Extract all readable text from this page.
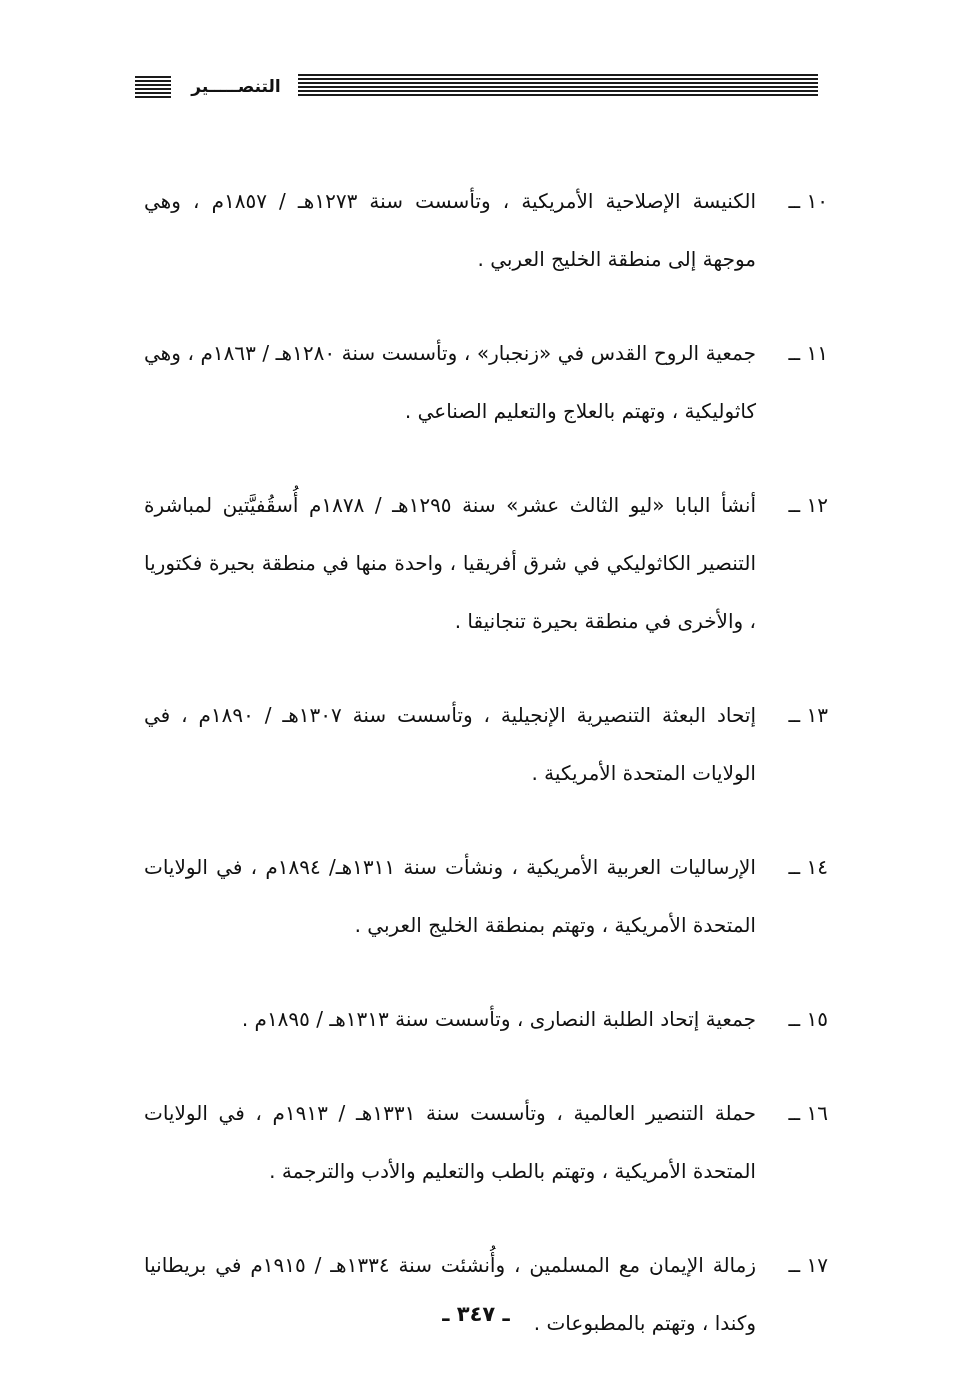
التنصـــــير
١٠ ــ
الكنيسة الإصلاحية الأمريكية ، وتأسست سنة ١٢٧٣هـ / ١٨٥٧م ، وهي موجهة إلى منطقة الخليج العربي .
١١ ــ
جمعية الروح القدس في «زنجبار» ، وتأسست سنة ١٢٨٠هـ / ١٨٦٣م ، وهي كاثوليكية ، وتهتم بالعلاج والتعليم الصناعي .
١٢ ــ
أنشأ البابا «ليو الثالث عشر» سنة ١٢٩٥هـ / ١٨٧٨م أُسقُفيَّتين لمباشرة التنصير الكاثوليكي في شرق أفريقيا ، واحدة منها في منطقة بحيرة فكتوريا ، والأخرى في منطقة بحيرة تنجانيقا .
١٣ ــ
إتحاد البعثة التنصيرية الإنجيلية ، وتأسست سنة ١٣٠٧هـ / ١٨٩٠م ، في الولايات المتحدة الأمريكية .
١٤ ــ
الإرساليات العربية الأمريكية ، ونشأت سنة ١٣١١هـ/ ١٨٩٤م ، في الولايات المتحدة الأمريكية ، وتهتم بمنطقة الخليج العربي .
١٥ ــ
جمعية إتحاد الطلبة النصارى ، وتأسست سنة ١٣١٣هـ / ١٨٩٥م .
١٦ ــ
حملة التنصير العالمية ، وتأسست سنة ١٣٣١هـ / ١٩١٣م ، في الولايات المتحدة الأمريكية ، وتهتم بالطب والتعليم والأدب والترجمة .
١٧ ــ
زمالة الإيمان مع المسلمين ، وأُنشئت سنة ١٣٣٤هـ / ١٩١٥م في بريطانيا وكندا ، وتهتم بالمطبوعات .
ـ ٣٤٧ ـ
